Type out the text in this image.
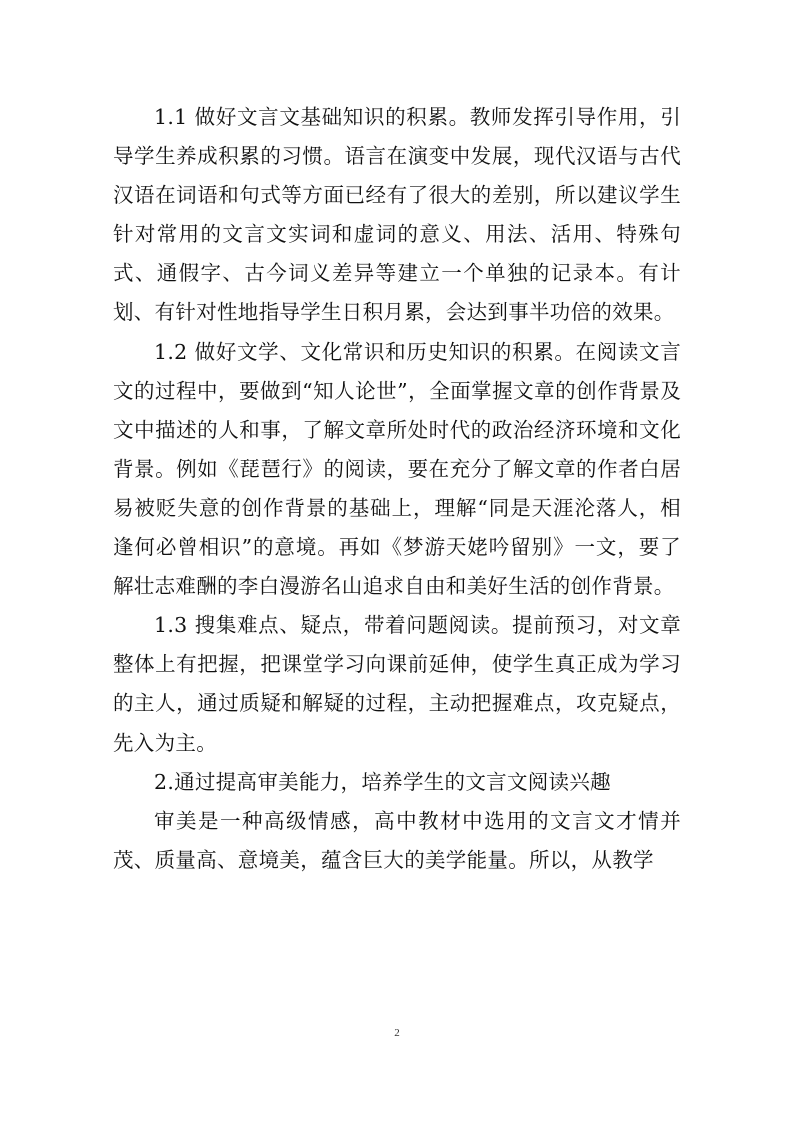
1.1 做好文言文基础知识的积累。教师发挥引导作用，引导学生养成积累的习惯。语言在演变中发展，现代汉语与古代汉语在词语和句式等方面已经有了很大的差别，所以建议学生针对常用的文言文实词和虚词的意义、用法、活用、特殊句式、通假字、古今词义差异等建立一个单独的记录本。有计划、有针对性地指导学生日积月累，会达到事半功倍的效果。

1.2 做好文学、文化常识和历史知识的积累。在阅读文言文的过程中，要做到“知人论世”，全面掌握文章的创作背景及文中描述的人和事，了解文章所处时代的政治经济环境和文化背景。例如《琵琶行》的阅读，要在充分了解文章的作者白居易被贬失意的创作背景的基础上，理解“同是天涯沦落人，相逢何必曾相识”的意境。再如《梦游天姥吟留别》一文，要了解壮志难酬的李白漫游名山追求自由和美好生活的创作背景。

1.3 搜集难点、疑点，带着问题阅读。提前预习，对文章整体上有把握，把课堂学习向课前延伸，使学生真正成为学习的主人，通过质疑和解疑的过程，主动把握难点，攻克疑点，先入为主。

2.通过提高审美能力，培养学生的文言文阅读兴趣

审美是一种高级情感，高中教材中选用的文言文才情并茂、质量高、意境美，蕴含巨大的美学能量。所以，从教学

2
